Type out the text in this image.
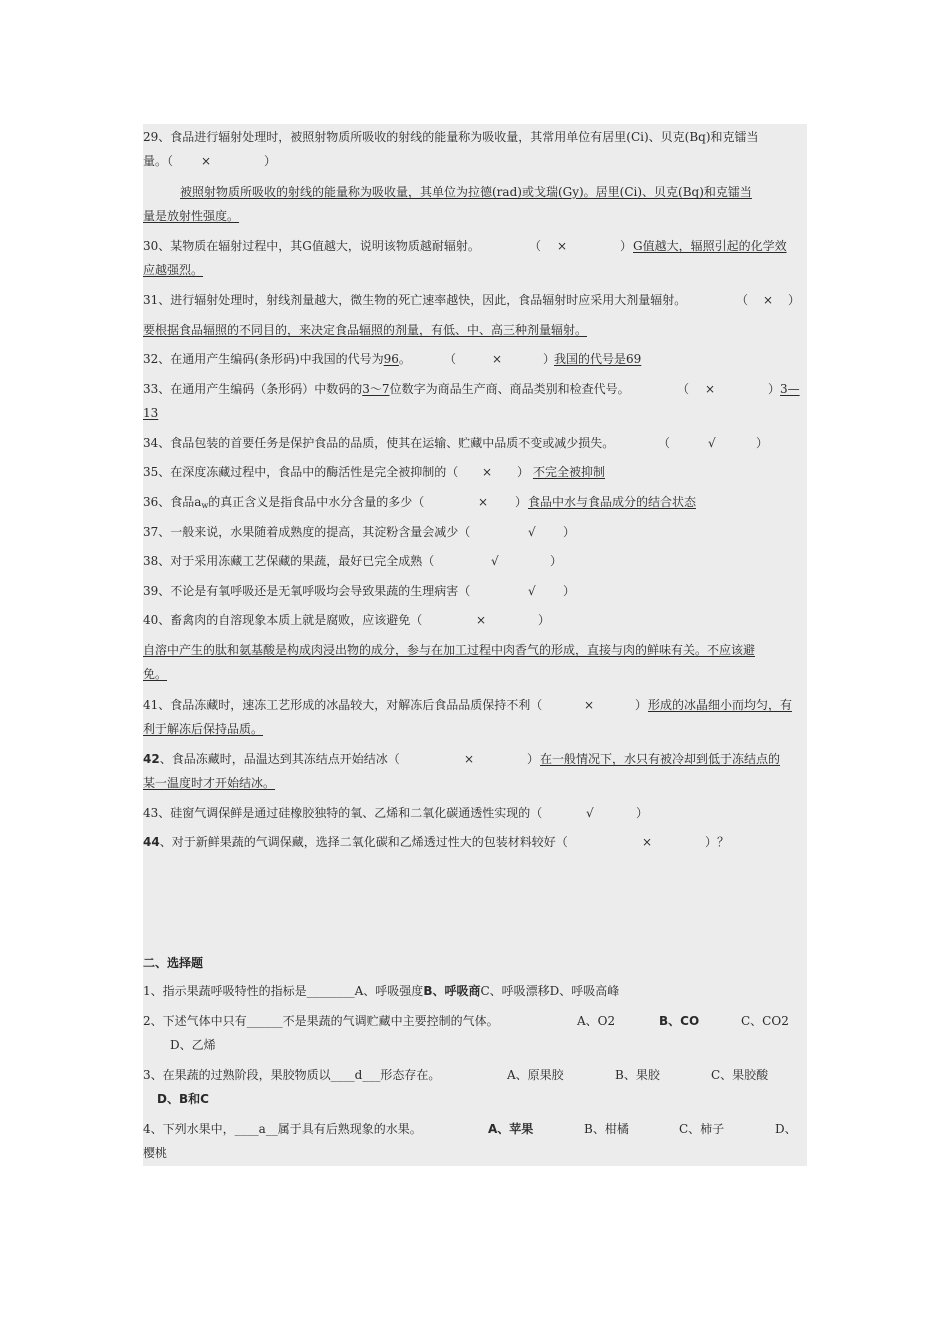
29、食品进行辐射处理时，被照射物质所吸收的射线的能量称为吸收量，其常用单位有居里(Ci)、贝克(Bq)和克镭当
量。（ ×	）
被照射物质所吸收的射线的能量称为吸收量，其单位为拉德(rad)或戈瑞(Gy)。居里(Ci)、贝克(Bq)和克镭当
量是放射性强度。
30、某物质在辐射过程中，其G值越大，说明该物质越耐辐射。	（ ×	） G值越大，辐照引起的化学效
应越强烈。
31、进行辐射处理时，射线剂量越大，微生物的死亡速率越快，因此，食品辐射时应采用大剂量辐射。	（ × ）
要根据食品辐照的不同目的，来决定食品辐照的剂量，有低、中、高三种剂量辐射。
32、在通用产生编码(条形码)中我国的代号为96。	（	×	）
我国的代号是69
33、在通用产生编码（条形码）中数码的3～7位数字为商品生产商、商品类别和检查代号。	（ ×	） 3—
13
34、食品包装的首要任务是保护食品的品质，使其在运输、贮藏中品质不变或减少损失。	（	√	）
35、在深度冻藏过程中，食品中的酶活性是完全被抑制的（ × ） 不完全被抑制
36、食品$a_w$的真正含义是指食品中水分含量的多少（	× ） 食品中水与食品成分的结合状态
37、一般来说，水果随着成熟度的提高，其淀粉含量会减少（	√ ）
38、对于采用冻藏工艺保藏的果蔬，最好已完全成熟（	√	）
39、不论是有氧呼吸还是无氧呼吸均会导致果蔬的生理病害（	√ ）
40、畜禽肉的自溶现象本质上就是腐败，应该避免（	×	）
自溶中产生的肽和氨基酸是构成肉浸出物的成分，参与在加工过程中肉香气的形成，直接与肉的鲜味有关。不应该避
免。
41、食品冻藏时，速冻工艺形成的冰晶较大，对解冻后食品品质保持不利（	×	） 形成的冰晶细小而均匀，有
利于解冻后保持品质。
42、食品冻藏时，品温达到其冻结点开始结冰（	×	） 在一般情况下，水只有被冷却到低于冻结点的
某一温度时才开始结冰。
43、硅窗气调保鲜是通过硅橡胶独特的氧、乙烯和二氧化碳通透性实现的（	√	）
44、对于新鲜果蔬的气调保藏，选择二氧化碳和乙烯透过性大的包装材料较好（	×	）？
二、选择题
1、指示果蔬呼吸特性的指标是________A、呼吸强度B、呼吸商C、呼吸漂移D、呼吸高峰
2、下述气体中只有______不是果蔬的气调贮藏中主要控制的气体。	A、O2	B、CO	C、CO2
D、乙烯
3、在果蔬的过熟阶段，果胶物质以____d___形态存在。	A、原果胶	B、果胶	C、果胶酸
D、B和C
4、下列水果中，____a__属于具有后熟现象的水果。	A、苹果	B、柑橘	C、柿子	D、
樱桃
